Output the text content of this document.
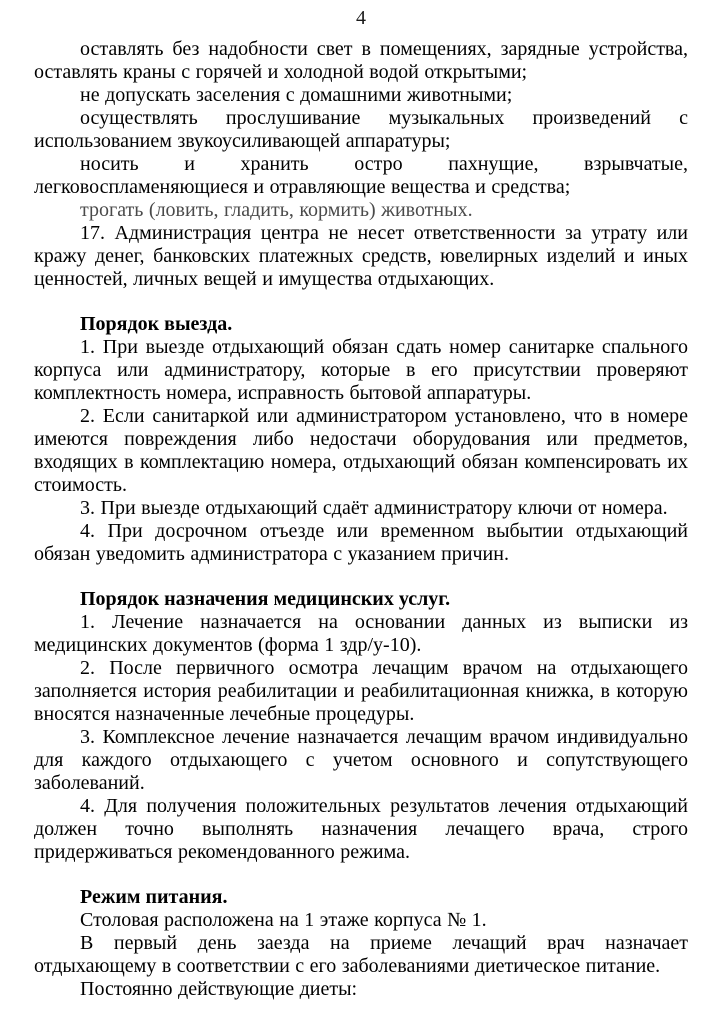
4

оставлять без надобности свет в помещениях, зарядные устройства, оставлять краны с горячей и холодной водой открытыми;

не допускать заселения с домашними животными;

осуществлять прослушивание музыкальных произведений с использованием звукоусиливающей аппаратуры;

носить и хранить остро пахнущие, взрывчатые, легковоспламеняющиеся и отравляющие вещества и средства;

трогать (ловить, гладить, кормить) животных.

17. Администрация центра не несет ответственности за утрату или кражу денег, банковских платежных средств, ювелирных изделий и иных ценностей, личных вещей и имущества отдыхающих.

Порядок выезда.

1. При выезде отдыхающий обязан сдать номер санитарке спального корпуса или администратору, которые в его присутствии проверяют комплектность номера, исправность бытовой аппаратуры.

2. Если санитаркой или администратором установлено, что в номере имеются повреждения либо недостачи оборудования или предметов, входящих в комплектацию номера, отдыхающий обязан компенсировать их стоимость.

3. При выезде отдыхающий сдаёт администратору ключи от номера.

4. При досрочном отъезде или временном выбытии отдыхающий обязан уведомить администратора с указанием причин.

Порядок назначения медицинских услуг.

1. Лечение назначается на основании данных из выписки из медицинских документов (форма 1 здр/у-10).

2. После первичного осмотра лечащим врачом на отдыхающего заполняется история реабилитации и реабилитационная книжка, в которую вносятся назначенные лечебные процедуры.

3. Комплексное лечение назначается лечащим врачом индивидуально для каждого отдыхающего с учетом основного и сопутствующего заболеваний.

4. Для получения положительных результатов лечения отдыхающий должен точно выполнять назначения лечащего врача, строго придерживаться рекомендованного режима.

Режим питания.

Столовая расположена на 1 этаже корпуса № 1.

В первый день заезда на приеме лечащий врач назначает отдыхающему в соответствии с его заболеваниями диетическое питание.

Постоянно действующие диеты:
